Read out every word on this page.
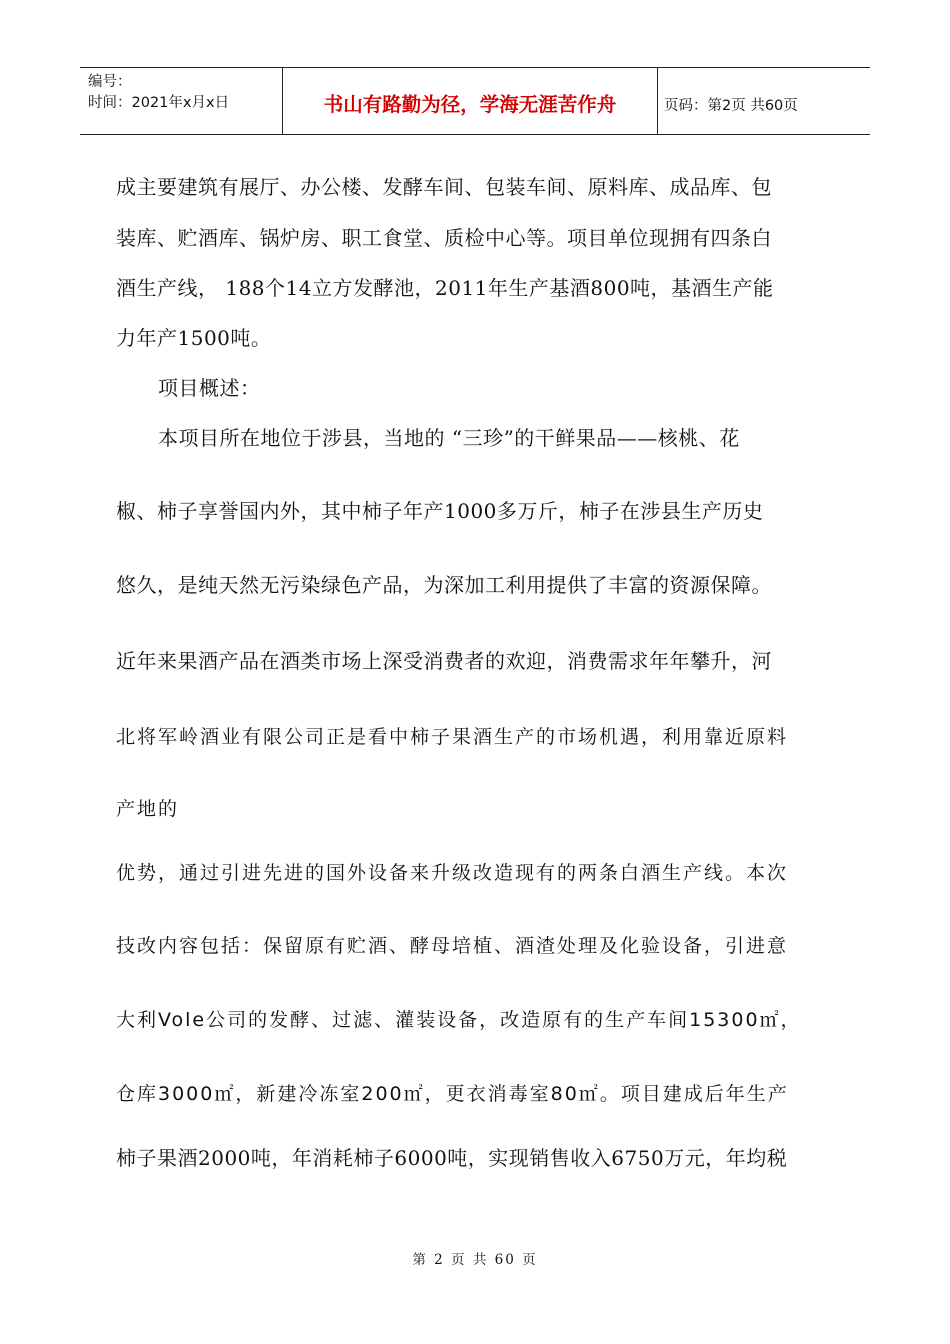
编号：
时间：2021年x月x日	书山有路勤为径，学海无涯苦作舟	页码：第2页 共60页
成主要建筑有展厅、办公楼、发酵车间、包装车间、原料库、成品库、包
装库、贮酒库、锅炉房、职工食堂、质检中心等。项目单位现拥有四条白
酒生产线， 188个14立方发酵池，2011年生产基酒800吨，基酒生产能
力年产1500吨。
项目概述：
本项目所在地位于涉县，当地的 “三珍”的干鲜果品——核桃、花
椒、柿子享誉国内外，其中柿子年产1000多万斤，柿子在涉县生产历史
悠久，是纯天然无污染绿色产品，为深加工利用提供了丰富的资源保障。
近年来果酒产品在酒类市场上深受消费者的欢迎，消费需求年年攀升，河
北将军岭酒业有限公司正是看中柿子果酒生产的市场机遇，利用靠近原料
产地的
优势，通过引进先进的国外设备来升级改造现有的两条白酒生产线。本次
技改内容包括：保留原有贮酒、酵母培植、酒渣处理及化验设备，引进意
大利Vole公司的发酵、过滤、灌装设备，改造原有的生产车间15300㎡，
仓库3000㎡，新建冷冻室200㎡，更衣消毒室80㎡。项目建成后年生产
柿子果酒2000吨，年消耗柿子6000吨，实现销售收入6750万元，年均税
第 2 页 共 60 页
